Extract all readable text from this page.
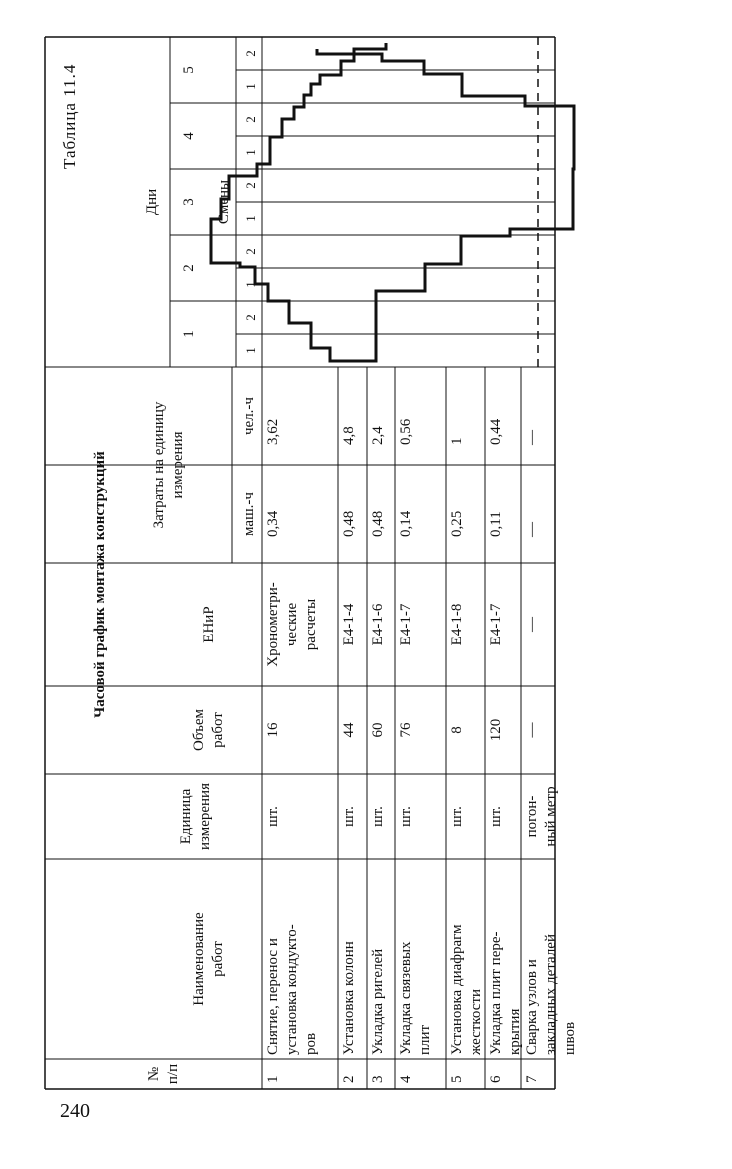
240
Таблица 11.4
Часовой график монтажа конструкций
№ п/п
Наименование работ
Единица измерения
Объем работ
ЕНиР
Затраты на единицу измерения
маш.-ч
чел.-ч
Дни	Смены
1
Снятие, перенос и установка кондукто- ров
шт.
16
Хронометри- ческие расчеты
0,34
3,62
2
Установка колонн
шт.
44
Е4-1-4
0,48
4,8
3
Укладка ригелей
шт.
60
Е4-1-6
0,48
2,4
4
Укладка связевых плит
шт.
76
Е4-1-7
0,14
0,56
5
Установка диафрагм жесткости
шт.
8
Е4-1-8
0,25
1
6
Укладка плит пере- крытия
шт.
120
Е4-1-7
0,11
0,44
7
Сварка узлов и закладных деталей швов
погон- ный метр
—
—
—
—
1
2
3
4
5
1
2
1
2
1
2
1
2
1
2
